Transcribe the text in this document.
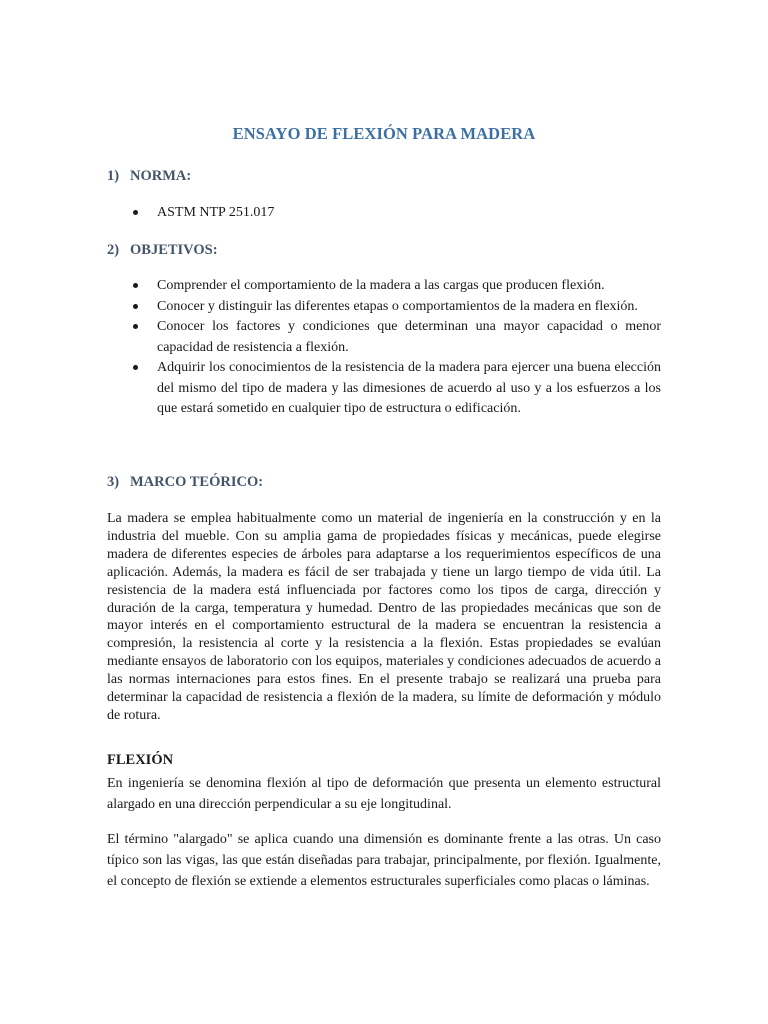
ENSAYO DE FLEXIÓN PARA MADERA
1) NORMA:
ASTM NTP 251.017
2) OBJETIVOS:
Comprender el comportamiento de la madera a las cargas que producen flexión.
Conocer y distinguir las diferentes etapas o comportamientos de la madera en flexión.
Conocer los factores y condiciones que determinan una mayor capacidad o menor capacidad de resistencia a flexión.
Adquirir los conocimientos de la resistencia de la madera para ejercer una buena elección del mismo del tipo de madera y las dimesiones de acuerdo al uso y a los esfuerzos a los que estará sometido en cualquier tipo de estructura o edificación.
3) MARCO TEÓRICO:

La madera se emplea habitualmente como un material de ingeniería en la construcción y en la industria del mueble. Con su amplia gama de propiedades físicas y mecánicas, puede elegirse madera de diferentes especies de árboles para adaptarse a los requerimientos específicos de una aplicación. Además, la madera es fácil de ser trabajada y tiene un largo tiempo de vida útil. La resistencia de la madera está influenciada por factores como los tipos de carga, dirección y duración de la carga, temperatura y humedad. Dentro de las propiedades mecánicas que son de mayor interés en el comportamiento estructural de la madera se encuentran la resistencia a compresión, la resistencia al corte y la resistencia a la flexión. Estas propiedades se evalúan mediante ensayos de laboratorio con los equipos, materiales y condiciones adecuados de acuerdo a las normas internaciones para estos fines. En el presente trabajo se realizará una prueba para determinar la capacidad de resistencia a flexión de la madera, su límite de deformación y módulo de rotura.

FLEXIÓN

En ingeniería se denomina flexión al tipo de deformación que presenta un elemento estructural alargado en una dirección perpendicular a su eje longitudinal.

El término "alargado" se aplica cuando una dimensión es dominante frente a las otras. Un caso típico son las vigas, las que están diseñadas para trabajar, principalmente, por flexión. Igualmente, el concepto de flexión se extiende a elementos estructurales superficiales como placas o láminas.
